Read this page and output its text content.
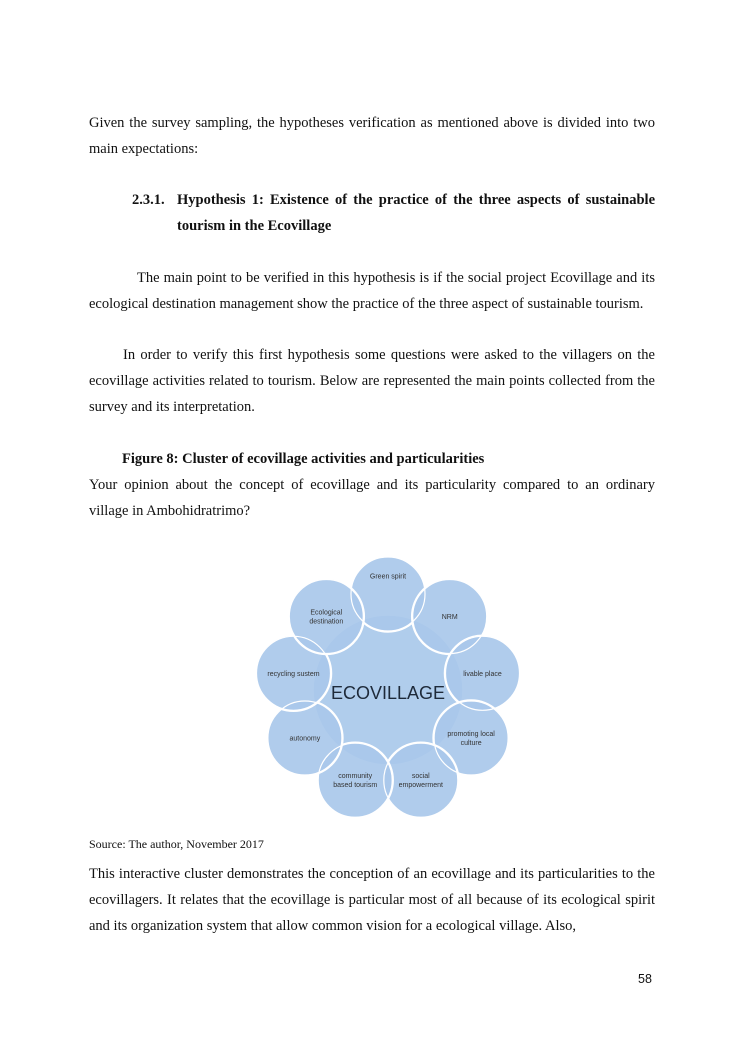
Given the survey sampling, the hypotheses verification as mentioned above is divided into two main expectations:

2.3.1. Hypothesis 1: Existence of the practice of the three aspects of sustainable tourism in the Ecovillage

The main point to be verified in this hypothesis is if the social project Ecovillage and its ecological destination management show the practice of the three aspect of sustainable tourism.

In order to verify this first hypothesis some questions were asked to the villagers on the ecovillage activities related to tourism. Below are represented the main points collected from the survey and its interpretation.

Figure 8: Cluster of ecovillage activities and particularities

Your opinion about the concept of ecovillage and its particularity compared to an ordinary village in Ambohidratrimo?

Green spirit
NRM
livable place
promoting local culture
social empowerment
community based tourism
autonomy
recycling sustem
Ecological destination
ECOVILLAGE

Source: The author, November 2017

This interactive cluster demonstrates the conception of an ecovillage and its particularities to the ecovillagers. It relates that the ecovillage is particular most of all because of its ecological spirit and its organization system that allow common vision for a ecological village. Also,

58
